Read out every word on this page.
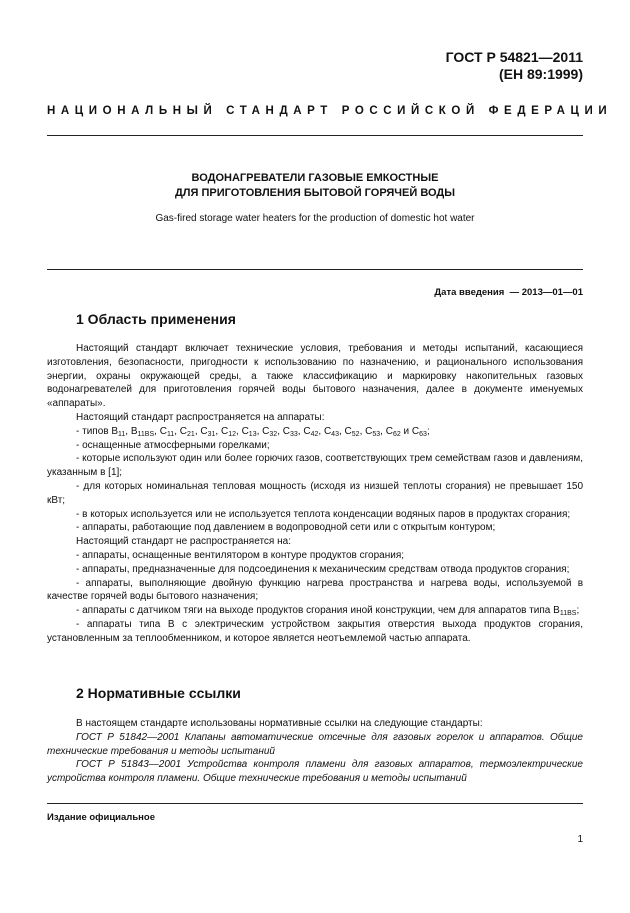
ГОСТ Р 54821—2011
(ЕН 89:1999)
НАЦИОНАЛЬНЫЙ СТАНДАРТ РОССИЙСКОЙ ФЕДЕРАЦИИ
ВОДОНАГРЕВАТЕЛИ ГАЗОВЫЕ ЕМКОСТНЫЕ
ДЛЯ ПРИГОТОВЛЕНИЯ БЫТОВОЙ ГОРЯЧЕЙ ВОДЫ
Gas-fired storage water heaters for the production of domestic hot water
Дата введения — 2013—01—01
1 Область применения

Настоящий стандарт включает технические условия, требования и методы испытаний, касающиеся изготовления, безопасности, пригодности к использованию по назначению, и рационального использования энергии, охраны окружающей среды, а также классификацию и маркировку накопительных газовых водонагревателей для приготовления горячей воды бытового назначения, далее в документе именуемых «аппараты».

Настоящий стандарт распространяется на аппараты:

- типов $B_{11}$, $B_{11BS}$, $C_{11}$, $C_{21}$, $C_{31}$, $C_{12}$, $C_{13}$, $C_{32}$, $C_{33}$, $C_{42}$, $C_{43}$, $C_{52}$, $C_{53}$, $C_{62}$ и $C_{63}$;

- оснащенные атмосферными горелками;

- которые используют один или более горючих газов, соответствующих трем семействам газов и давлениям, указанным в [1];

- для которых номинальная тепловая мощность (исходя из низшей теплоты сгорания) не превышает 150 кВт;

- в которых используется или не используется теплота конденсации водяных паров в продуктах сгорания;

- аппараты, работающие под давлением в водопроводной сети или с открытым контуром;

Настоящий стандарт не распространяется на:

- аппараты, оснащенные вентилятором в контуре продуктов сгорания;

- аппараты, предназначенные для подсоединения к механическим средствам отвода продуктов сгорания;

- аппараты, выполняющие двойную функцию нагрева пространства и нагрева воды, используемой в качестве горячей воды бытового назначения;

- аппараты с датчиком тяги на выходе продуктов сгорания иной конструкции, чем для аппаратов типа $B_{11BS}$;

- аппараты типа B с электрическим устройством закрытия отверстия выхода продуктов сгорания, установленным за теплообменником, и которое является неотъемлемой частью аппарата.

2 Нормативные ссылки

В настоящем стандарте использованы нормативные ссылки на следующие стандарты:

ГОСТ Р 51842—2001 Клапаны автоматические отсечные для газовых горелок и аппаратов. Общие технические требования и методы испытаний

ГОСТ Р 51843—2001 Устройства контроля пламени для газовых аппаратов, термоэлектрические устройства контроля пламени. Общие технические требования и методы испытаний

Издание официальное
1
